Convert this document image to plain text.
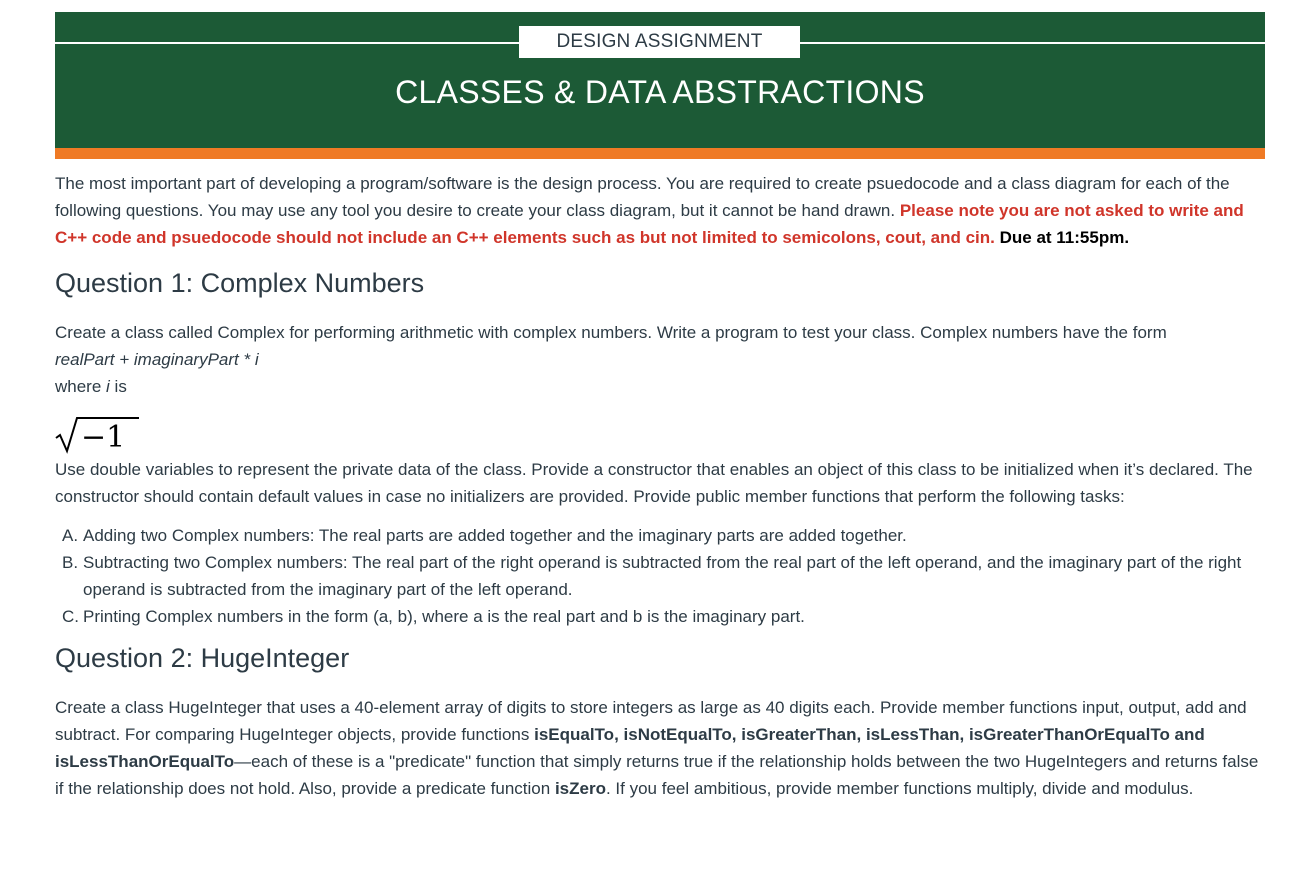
DESIGN ASSIGNMENT
CLASSES & DATA ABSTRACTIONS

The most important part of developing a program/software is the design process. You are required to create psuedocode and a class diagram for each of the following questions. You may use any tool you desire to create your class diagram, but it cannot be hand drawn. Please note you are not asked to write and C++ code and psuedocode should not include an C++ elements such as but not limited to semicolons, cout, and cin. Due at 11:55pm.

Question 1: Complex Numbers

Create a class called Complex for performing arithmetic with complex numbers. Write a program to test your class. Complex numbers have the form

realPart + imaginaryPart * i

where i is

−1

Use double variables to represent the private data of the class. Provide a constructor that enables an object of this class to be initialized when it’s declared. The constructor should contain default values in case no initializers are provided. Provide public member functions that perform the following tasks:

A. Adding two Complex numbers: The real parts are added together and the imaginary parts are added together.
B. Subtracting two Complex numbers: The real part of the right operand is subtracted from the real part of the left operand, and the imaginary part of the right operand is subtracted from the imaginary part of the left operand.
C. Printing Complex numbers in the form (a, b), where a is the real part and b is the imaginary part.
Question 2: HugeInteger

Create a class HugeInteger that uses a 40-element array of digits to store integers as large as 40 digits each. Provide member functions input, output, add and subtract. For comparing HugeInteger objects, provide functions isEqualTo, isNotEqualTo, isGreaterThan, isLessThan, isGreaterThanOrEqualTo and isLessThanOrEqualTo—each of these is a "predicate" function that simply returns true if the relationship holds between the two HugeIntegers and returns false if the relationship does not hold. Also, provide a predicate function isZero. If you feel ambitious, provide member functions multiply, divide and modulus.
